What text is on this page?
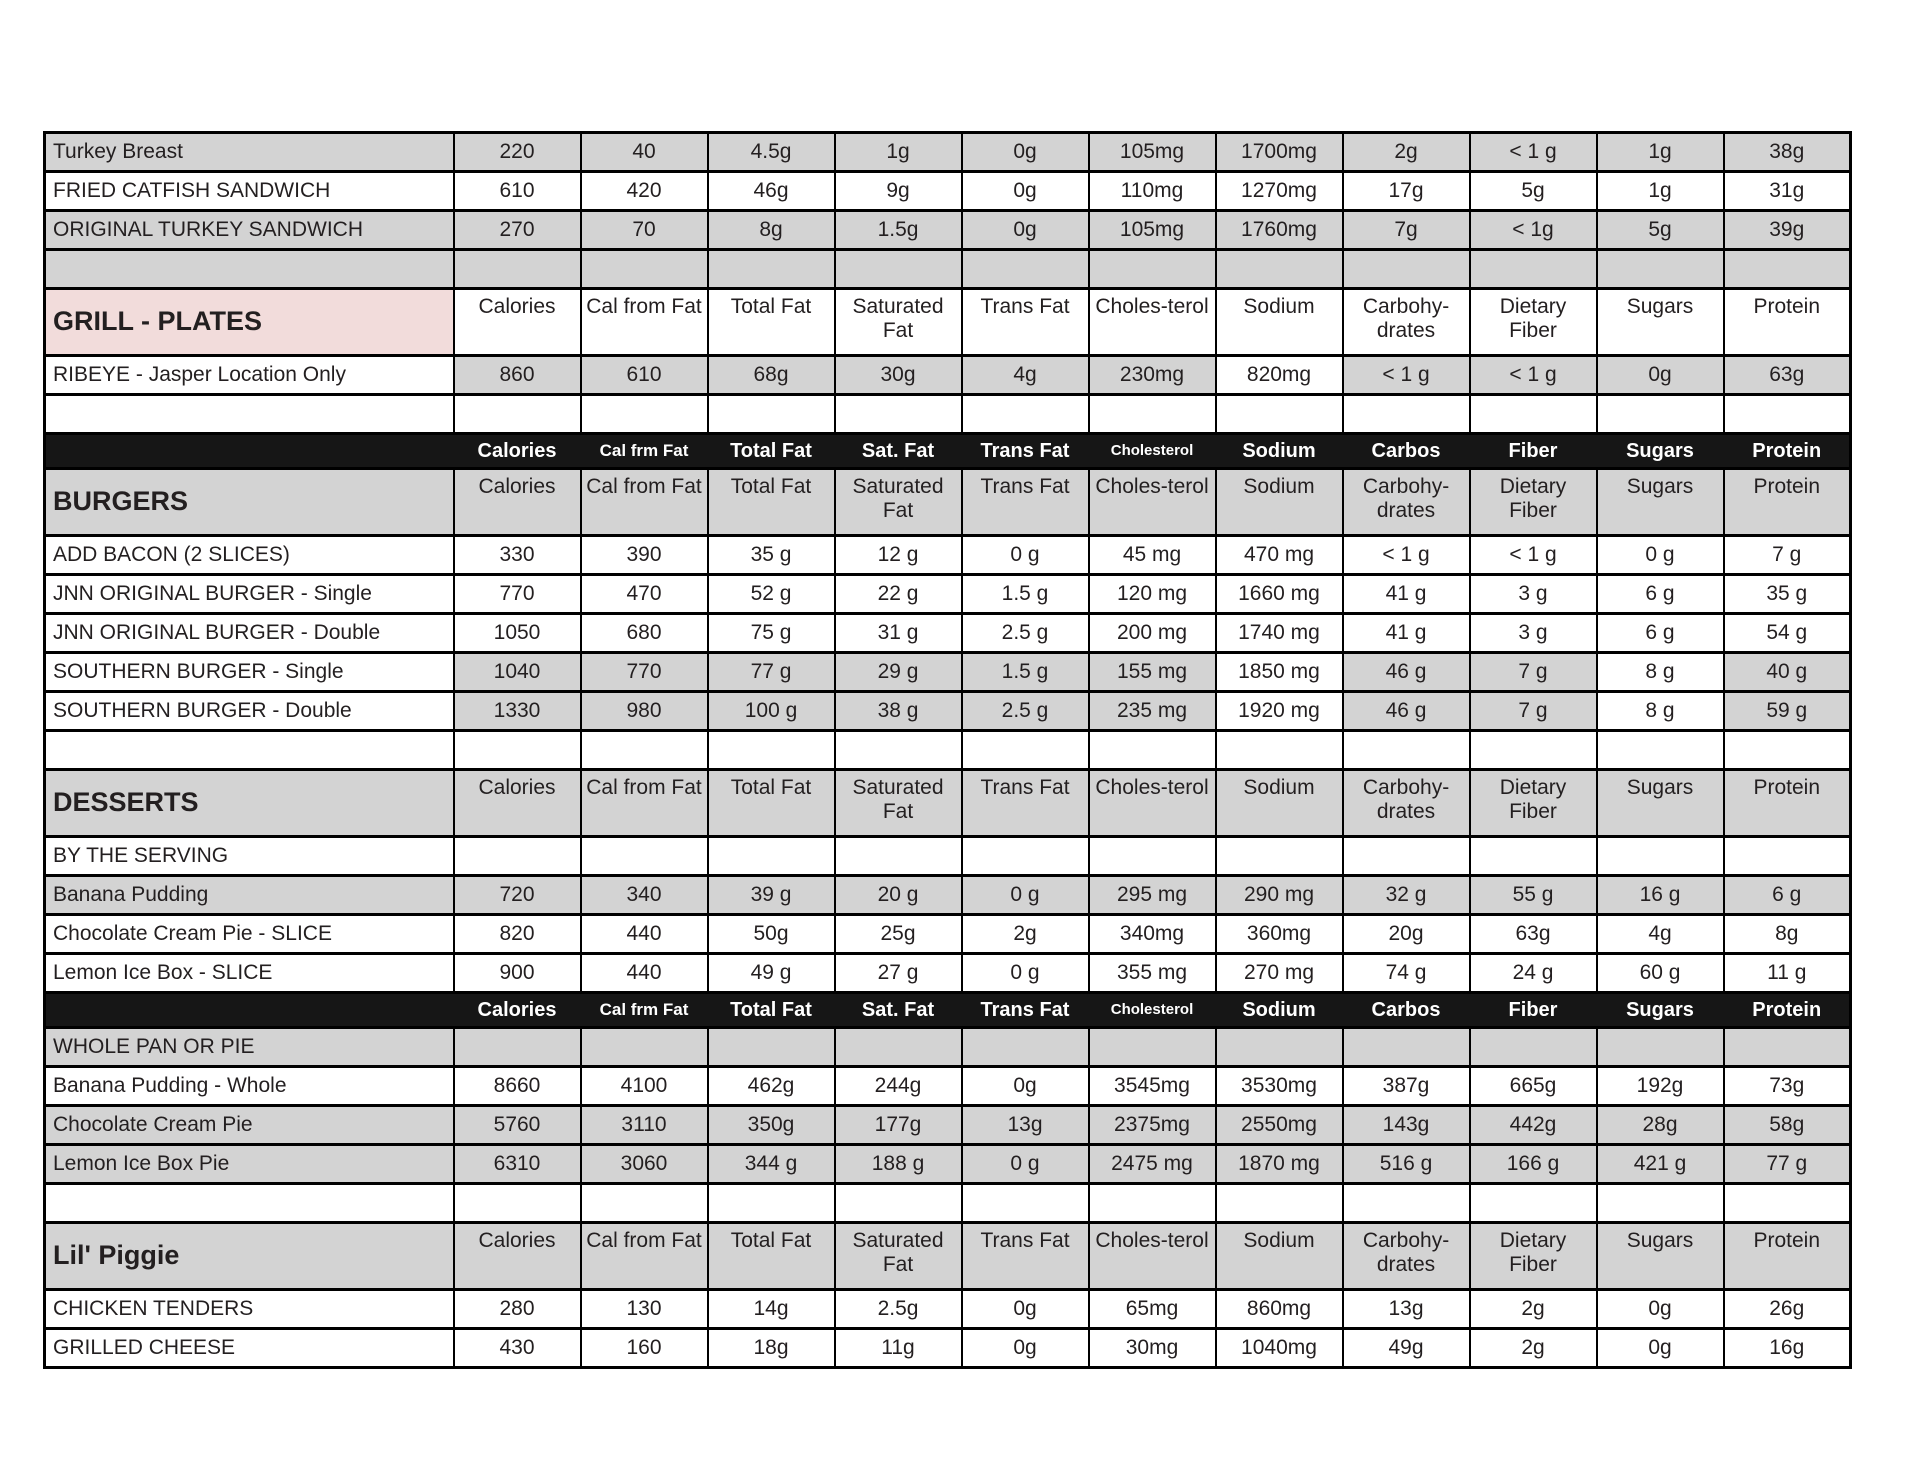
Turkey Breast	220	40	4.5g	1g	0g	105mg	1700mg	2g	< 1 g	1g	38g
FRIED CATFISH SANDWICH	610	420	46g	9g	0g	110mg	1270mg	17g	5g	1g	31g
ORIGINAL TURKEY SANDWICH	270	70	8g	1.5g	0g	105mg	1760mg	7g	< 1g	5g	39g

GRILL - PLATES	Calories	Cal from Fat	Total Fat	Saturated Fat	Trans Fat	Choles-terol	Sodium	Carbohy-drates	Dietary Fiber	Sugars	Protein
RIBEYE - Jasper Location Only	860	610	68g	30g	4g	230mg	820mg	< 1 g	< 1 g	0g	63g

	Calories	Cal frm Fat	Total Fat	Sat. Fat	Trans Fat	Cholesterol	Sodium	Carbos	Fiber	Sugars	Protein
BURGERS	Calories	Cal from Fat	Total Fat	Saturated Fat	Trans Fat	Choles-terol	Sodium	Carbohy-drates	Dietary Fiber	Sugars	Protein
ADD BACON (2 SLICES)	330	390	35 g	12 g	0 g	45 mg	470 mg	< 1 g	< 1 g	0 g	7 g
JNN ORIGINAL BURGER - Single	770	470	52 g	22 g	1.5 g	120 mg	1660 mg	41 g	3 g	6 g	35 g
JNN ORIGINAL BURGER - Double	1050	680	75 g	31 g	2.5 g	200 mg	1740 mg	41 g	3 g	6 g	54 g
SOUTHERN BURGER - Single	1040	770	77 g	29 g	1.5 g	155 mg	1850 mg	46 g	7 g	8 g	40 g
SOUTHERN BURGER - Double	1330	980	100 g	38 g	2.5 g	235 mg	1920 mg	46 g	7 g	8 g	59 g

DESSERTS	Calories	Cal from Fat	Total Fat	Saturated Fat	Trans Fat	Choles-terol	Sodium	Carbohy-drates	Dietary Fiber	Sugars	Protein
BY THE SERVING											
Banana Pudding	720	340	39 g	20 g	0 g	295 mg	290 mg	32 g	55 g	16 g	6 g
Chocolate Cream Pie - SLICE	820	440	50g	25g	2g	340mg	360mg	20g	63g	4g	8g
Lemon Ice Box - SLICE	900	440	49 g	27 g	0 g	355 mg	270 mg	74 g	24 g	60 g	11 g
	Calories	Cal frm Fat	Total Fat	Sat. Fat	Trans Fat	Cholesterol	Sodium	Carbos	Fiber	Sugars	Protein
WHOLE PAN OR PIE											
Banana Pudding - Whole	8660	4100	462g	244g	0g	3545mg	3530mg	387g	665g	192g	73g
Chocolate Cream Pie	5760	3110	350g	177g	13g	2375mg	2550mg	143g	442g	28g	58g
Lemon Ice Box Pie	6310	3060	344 g	188 g	0 g	2475 mg	1870 mg	516 g	166 g	421 g	77 g

Lil' Piggie	Calories	Cal from Fat	Total Fat	Saturated Fat	Trans Fat	Choles-terol	Sodium	Carbohy-drates	Dietary Fiber	Sugars	Protein
CHICKEN TENDERS	280	130	14g	2.5g	0g	65mg	860mg	13g	2g	0g	26g
GRILLED CHEESE	430	160	18g	11g	0g	30mg	1040mg	49g	2g	0g	16g
